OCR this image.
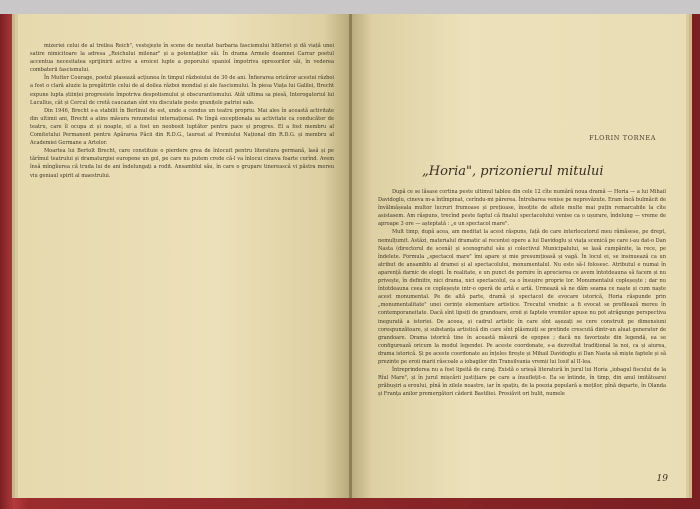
mizeriei celui de al treilea Reich", vestejește în scene de neuitat barbaria fascismului hitlerist și dă viață unei satire nimicitoare la adresa „Reichului milenar" și a potentaților săi. În drama Armele doamnei Carrar poetul accentua necesitatea sprijinirii active a eroicei lupte a poporului spaniol împotriva opresorilor săi, în vederea combaterii fascismului.

În Mutter Courage, poetul plasează acțiunea în timpul războiului de 30 de ani. Înfierarea oricăror acestui război a fost o clară aluzie la pregătirile celui de al doilea război mondial și ale fascismului. În piesa Viața lui Galilei, Brecht expune lupta științei progresiste împotriva despotismului și obscurantismului. Atât ultima sa piesă, Interogatoriul lui Lucullus, cât și Cercul de cretă caucazian sînt viu discutate peste granițele patriei sale.

Din 1946, Brecht s-a stabilit în Berlinul de est, unde a condus un teatru propriu. Mai ales în această activitate din ultimii ani, Brecht a atins măsura renumelui internațional. Pe lîngă excepționala sa activitate ca conducător de teatru, care îl ocupa zi și noapte, el a fost un neobosit luptător pentru pace și progres. El a fost membru al Comitetului Permanent pentru Apărarea Păcii din R.D.G., laureat al Premiului Național din R.D.G. și membru al Academiei Germane a Artelor.

Moartea lui Bertolt Brecht, care constituie o pierdere grea de înlocuit pentru literatura germană, lasă și pe tărîmul teatrului și dramaturgiei europene un gol, pe care nu putem crede că-l va înlocui cineva foarte curînd. Avem însă mîngîierea că truda lui de ani îndelungați a rodit. Ansamblul său, în care o grupare tinerească vi păstra mereu viu geniaul spirit al maestrului.

FLORIN TORNEA
„Horia", prizonierul mitului

După ce se lăsase cortina peste ultimul tablou din cele 12 cîte numără noua dramă — Horia — a lui Mihail Davidoglu, cineva m-a întîmpinat, cerîndu-mi părerea. Întrebarea venise pe neprevăzute. Eram încă bulmăcit de învălmășeala multor lucruri frumoase și prețioase, însoțite de altele multe mai puțin remarcabile la cîte asistasem. Am răspuns, trecînd peste faptul că finalul spectacolului venise ca o ușurare, îndelung — vreme de aproape 3 ore — așteptată : „e un spectacol mare".

Mult timp, după acea, am meditat la acest răspuns, față de care interlocutorul meu rămăsese, pe drept, nemulțumit. Astăzi, materialul dramatic al recentei opere a lui Davidoglu și viața scenică pe care i-au dat-o Dan Nasta (directorul de scenă) și scenograful său și colectivul Municipalului, se lasă cumpănite, la rece, pe îndelete. Formula „spectacol mare" îmi apare și mie presumțioasă și vagă. În locul ei, se insinuează ca un atribut de ansamblu al dramei și al spectacolului, monumentalul. Nu este să-l folosesc. Atributul e numai în aparență darnic de elogii. În realitate, e un punct de pornire în aprecierea ce avem întotdeauna să facem și nu privește, în definitiv, nici drama, nici spectacolul, ca o însușire proprie lor. Monumentalul copleșește ; dar nu întotdeauna ceea ce copleșește intr-o operă de artă e artă. Urmează să ne dăm seama ce naște și cum naște acest monumental. Pe de altă parte, dramă și spectacol de evocare istorică, Horia răspunde prin „monumentalitate" unei cerințe elementare artistice. Trecutul vrednic a fi evocat se profilează mereu în contemporaneitate. Dacă sînt lipsiți de grandoare, eroii și faptele vremilor apuse nu pot atrăgunge perspectiva inegurată a istoriei. De aceea, și cadrul artistic în care sînt așezați se cere construit pe dimensiuni corespunzătoare, și substanța artistică din care sînt plăsmuiți se pretinde crescută dintr-un aluat generator de grandoare. Drama istorică tine în această măsură de epopee ; dacă nu favorizate din legendă, ea se configurează oricum la modul legendei. Pe aceste coordonate, s-a dezvoltat tradițional la noi, ca și aiurea, drama istorică. Și pe aceste coordonate au înțeles firește și Mihail Davidoglu și Dan Nasta să miște faptele și să prezinte pe eroii marii răscoale a iobagilor din Transilvania vremii lui Iosif al II-lea.

Întreprinderea nu a fost lipsită de curaj. Există o urieșă literatură în jurul lui Horia „iobagul fiscului de la Rîul Mare", și în jurul mișcării justițiare pe care a însuflețit-o. Ea se întinde, în timp, din anul imitătoarei prăbușiri a eroului, pînă în zilele noastre, iar în spațiu, de la poezia populară a moților, pînă departe, în Olanda și Franța anilor premergători căderii Bastiliei. Prosiăvit ori hulit, numele

19
